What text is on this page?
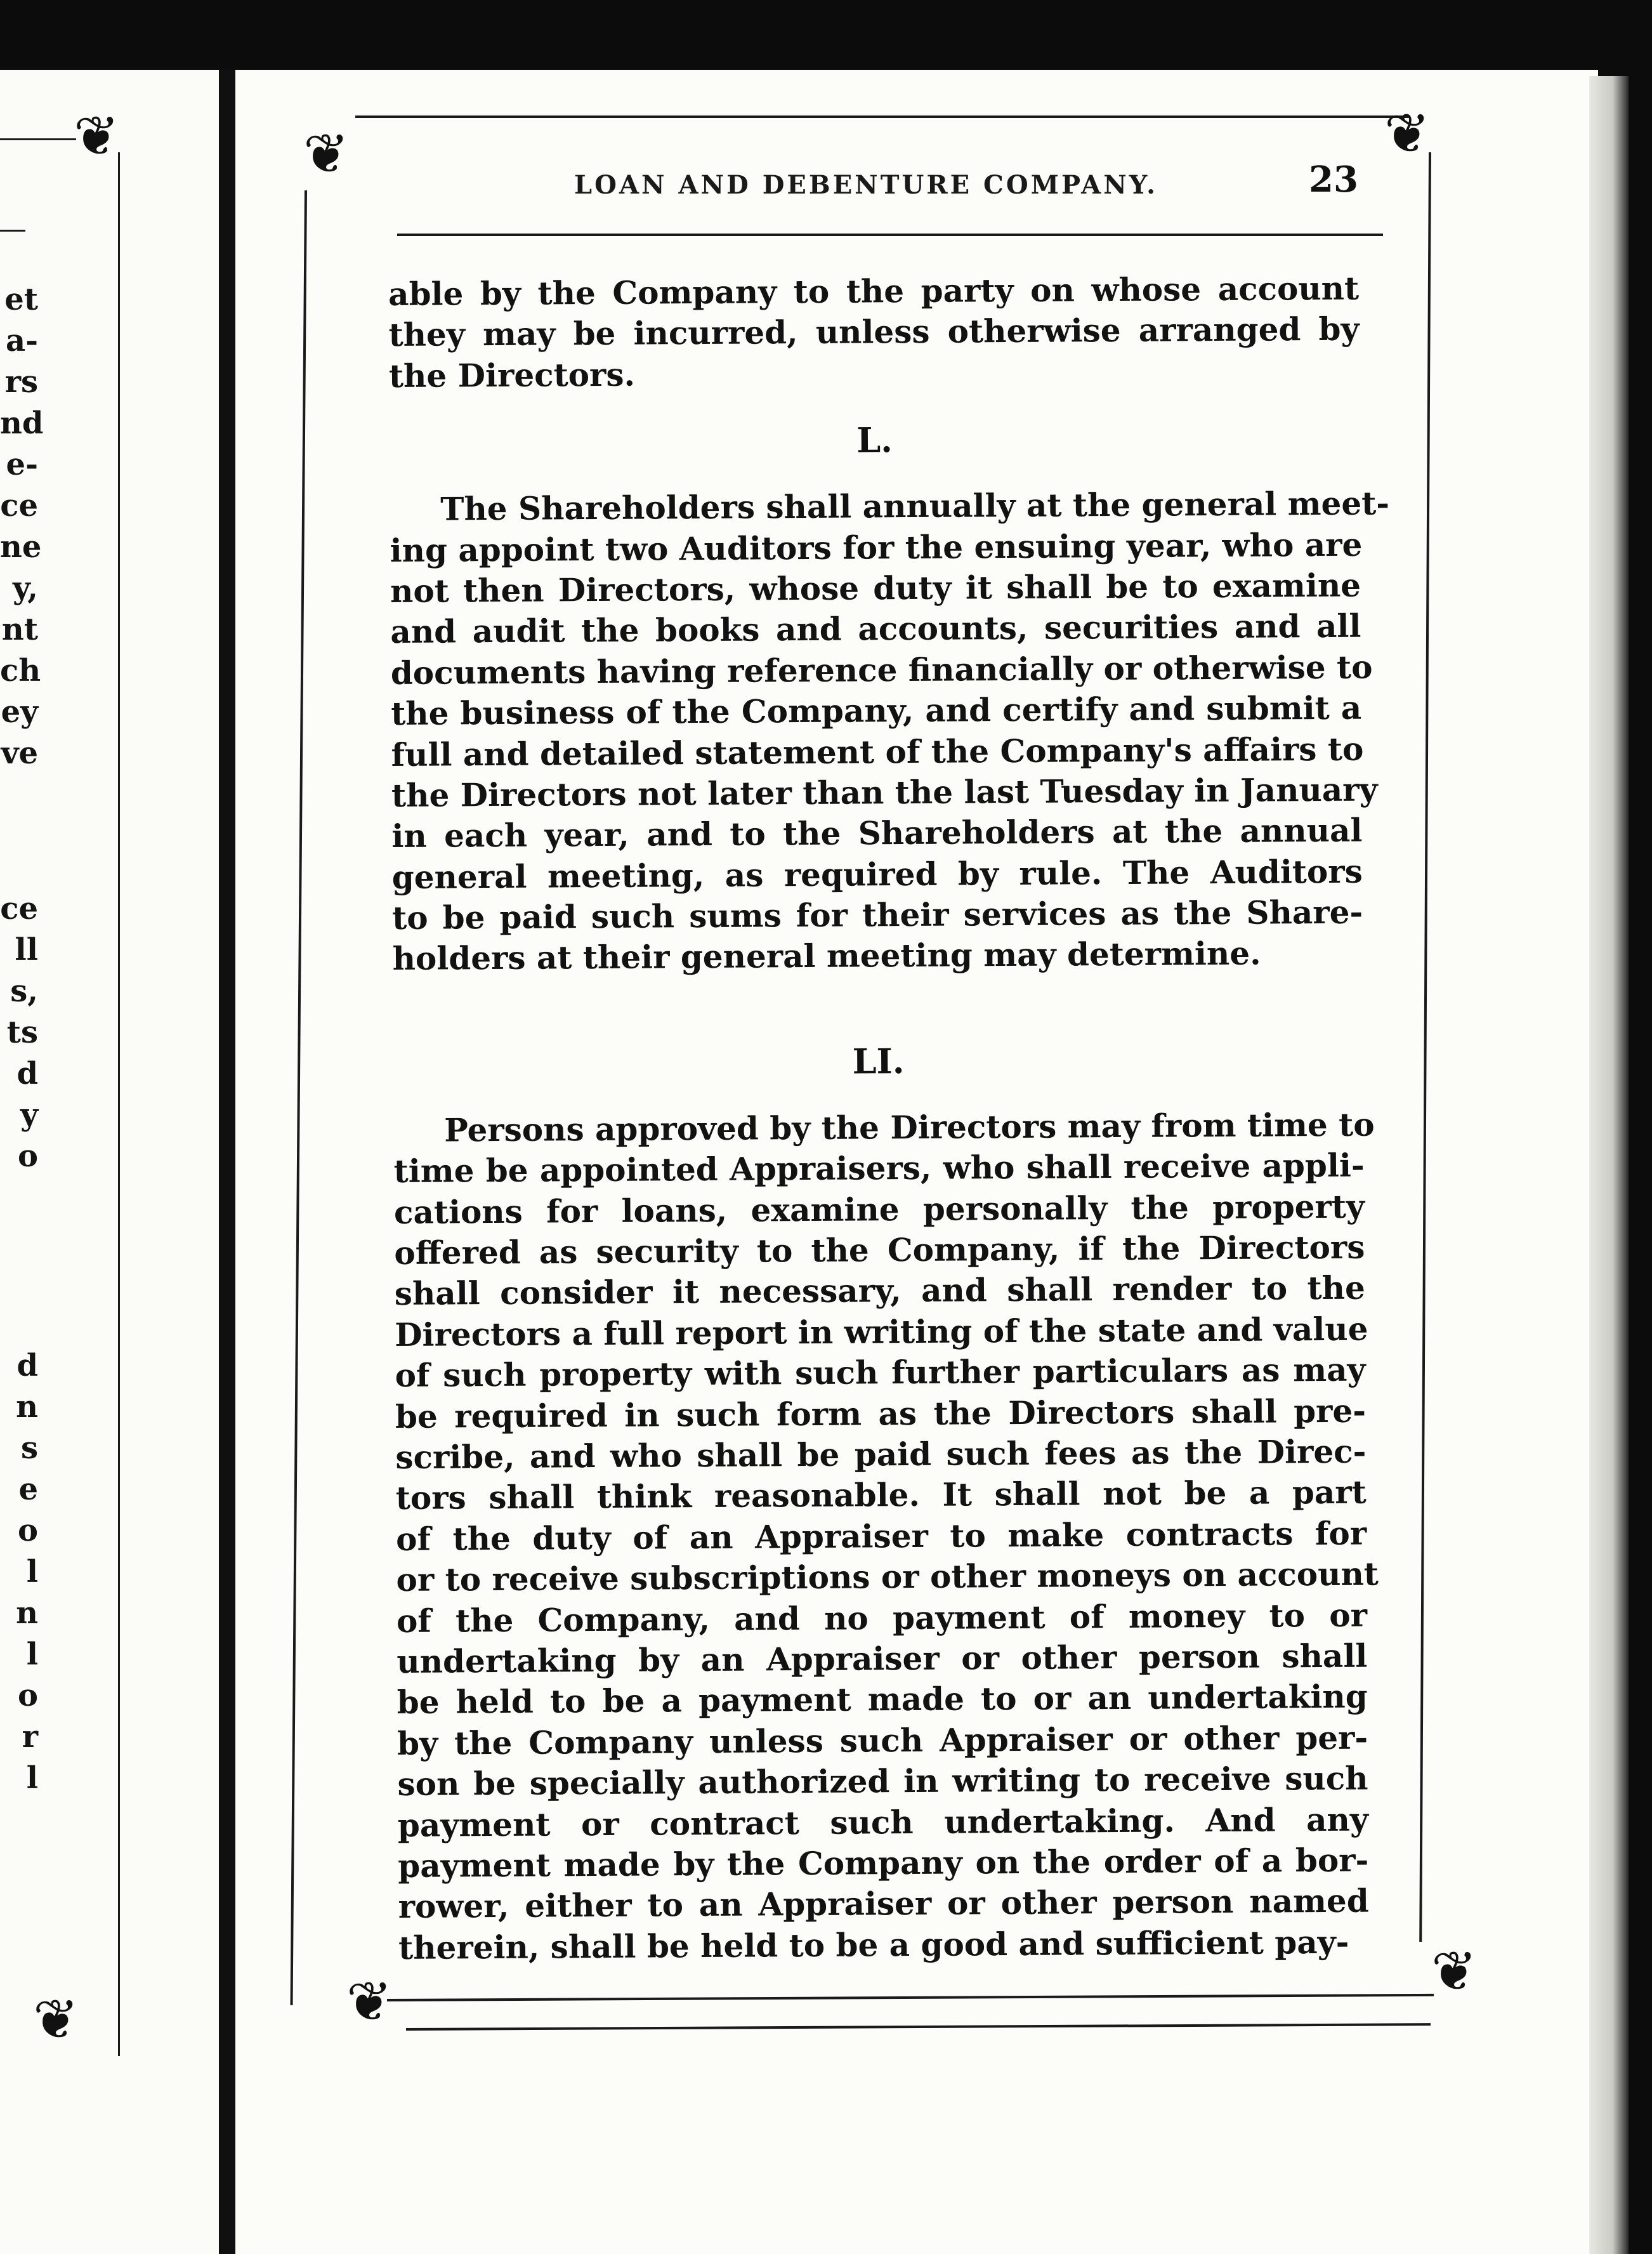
❦
❦
et
a-
rs
nd
e-
ce
ne
y,
nt
ch
ey
ve
ce
ll
s,
ts
d
y
o
d
n
s
e
o
l
n
l
o
r
l
❦	❦
❦	❦
LOAN AND DEBENTURE COMPANY.	23
able by the Company to the party on whose account
they may be incurred, unless otherwise arranged by
the Directors.
L.
The Shareholders shall annually at the general meet-
ing appoint two Auditors for the ensuing year, who are
not then Directors, whose duty it shall be to examine
and audit the books and accounts, securities and all
documents having reference financially or otherwise to
the business of the Company, and certify and submit a
full and detailed statement of the Company's affairs to
the Directors not later than the last Tuesday in January
in each year, and to the Shareholders at the annual
general meeting, as required by rule. The Auditors
to be paid such sums for their services as the Share-
holders at their general meeting may determine.
LI.
Persons approved by the Directors may from time to
time be appointed Appraisers, who shall receive appli-
cations for loans, examine personally the property
offered as security to the Company, if the Directors
shall consider it necessary, and shall render to the
Directors a full report in writing of the state and value
of such property with such further particulars as may
be required in such form as the Directors shall pre-
scribe, and who shall be paid such fees as the Direc-
tors shall think reasonable. It shall not be a part
of the duty of an Appraiser to make contracts for
or to receive subscriptions or other moneys on account
of the Company, and no payment of money to or
undertaking by an Appraiser or other person shall
be held to be a payment made to or an undertaking
by the Company unless such Appraiser or other per-
son be specially authorized in writing to receive such
payment or contract such undertaking. And any
payment made by the Company on the order of a bor-
rower, either to an Appraiser or other person named
therein, shall be held to be a good and sufficient pay-
